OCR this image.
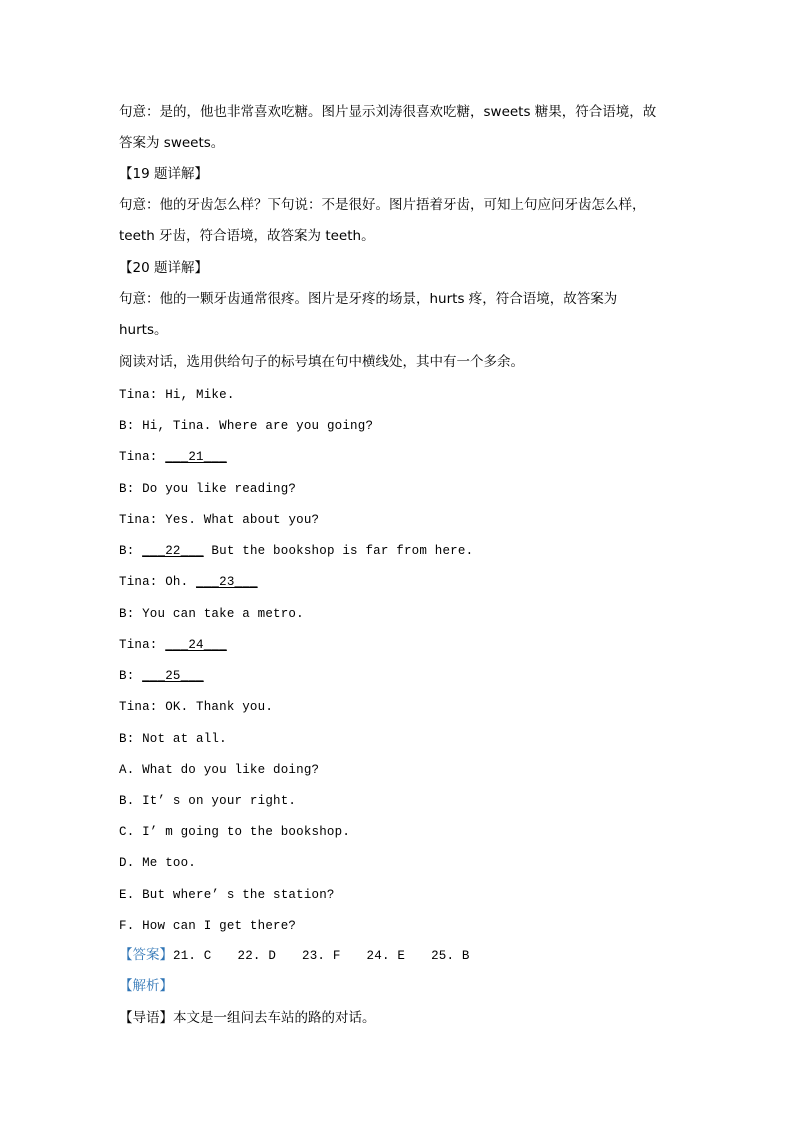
句意：是的，他也非常喜欢吃糖。图片显示刘涛很喜欢吃糖，sweets 糖果，符合语境，故
答案为 sweets。
【19 题详解】
句意：他的牙齿怎么样？下句说：不是很好。图片捂着牙齿，可知上句应问牙齿怎么样，
teeth 牙齿，符合语境，故答案为 teeth。
【20 题详解】
句意：他的一颗牙齿通常很疼。图片是牙疼的场景，hurts 疼，符合语境，故答案为
hurts。
阅读对话，选用供给句子的标号填在句中横线处，其中有一个多余。
Tina: Hi, Mike.
B: Hi, Tina. Where are you going?
Tina: ___21___
B: Do you like reading?
Tina: Yes. What about you?
B: ___22___ But the bookshop is far from here.
Tina: Oh. ___23___
B: You can take a metro.
Tina: ___24___
B: ___25___
Tina: OK. Thank you.
B: Not at all.
A. What do you like doing?
B. It’ s on your right.
C. I’ m going to the bookshop.
D. Me too.
E. But where’ s the station?
F. How can I get there?
【答案】21. C 22. D 23. F 24. E 25. B
【解析】
【导语】本文是一组问去车站的路的对话。
